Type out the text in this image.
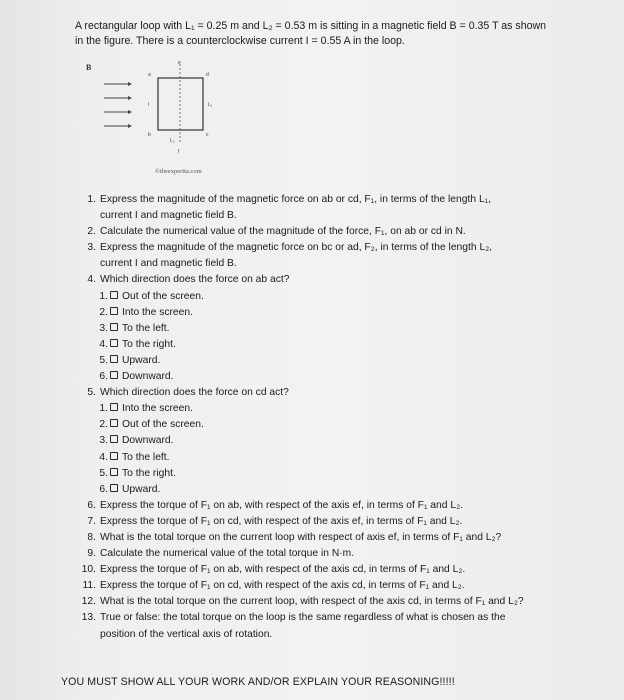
A rectangular loop with L₁ = 0.25 m and L₂ = 0.53 m is sitting in a magnetic field B = 0.35 T as shown
in the figure. There is a counterclockwise current I = 0.55 A in the loop.
B	e
f
a	d
b	c
I	L₁
L₂
©theexpertta.com
1. Express the magnitude of the magnetic force on ab or cd, F₁, in terms of the length L₁,
current I and magnetic field B.
2. Calculate the numerical value of the magnitude of the force, F₁, on ab or cd in N.
3. Express the magnitude of the magnetic force on bc or ad, F₂, in terms of the length L₂,
current I and magnetic field B.
4. Which direction does the force on ab act?
1. Out of the screen.
2. Into the screen.
3. To the left.
4. To the right.
5. Upward.
6. Downward.
5. Which direction does the force on cd act?
1. Into the screen.
2. Out of the screen.
3. Downward.
4. To the left.
5. To the right.
6. Upward.
6. Express the torque of F₁ on ab, with respect of the axis ef, in terms of F₁ and L₂.
7. Express the torque of F₁ on cd, with respect of the axis ef, in terms of F₁ and L₂.
8. What is the total torque on the current loop with respect of axis ef, in terms of F₁ and L₂?
9. Calculate the numerical value of the total torque in N·m.
10. Express the torque of F₁ on ab, with respect of the axis cd, in terms of F₁ and L₂.
11. Express the torque of F₁ on cd, with respect of the axis cd, in terms of F₁ and L₂.
12. What is the total torque on the current loop, with respect of the axis cd, in terms of F₁ and L₂?
13. True or false: the total torque on the loop is the same regardless of what is chosen as the
position of the vertical axis of rotation.
YOU MUST SHOW ALL YOUR WORK AND/OR EXPLAIN YOUR REASONING!!!!!
